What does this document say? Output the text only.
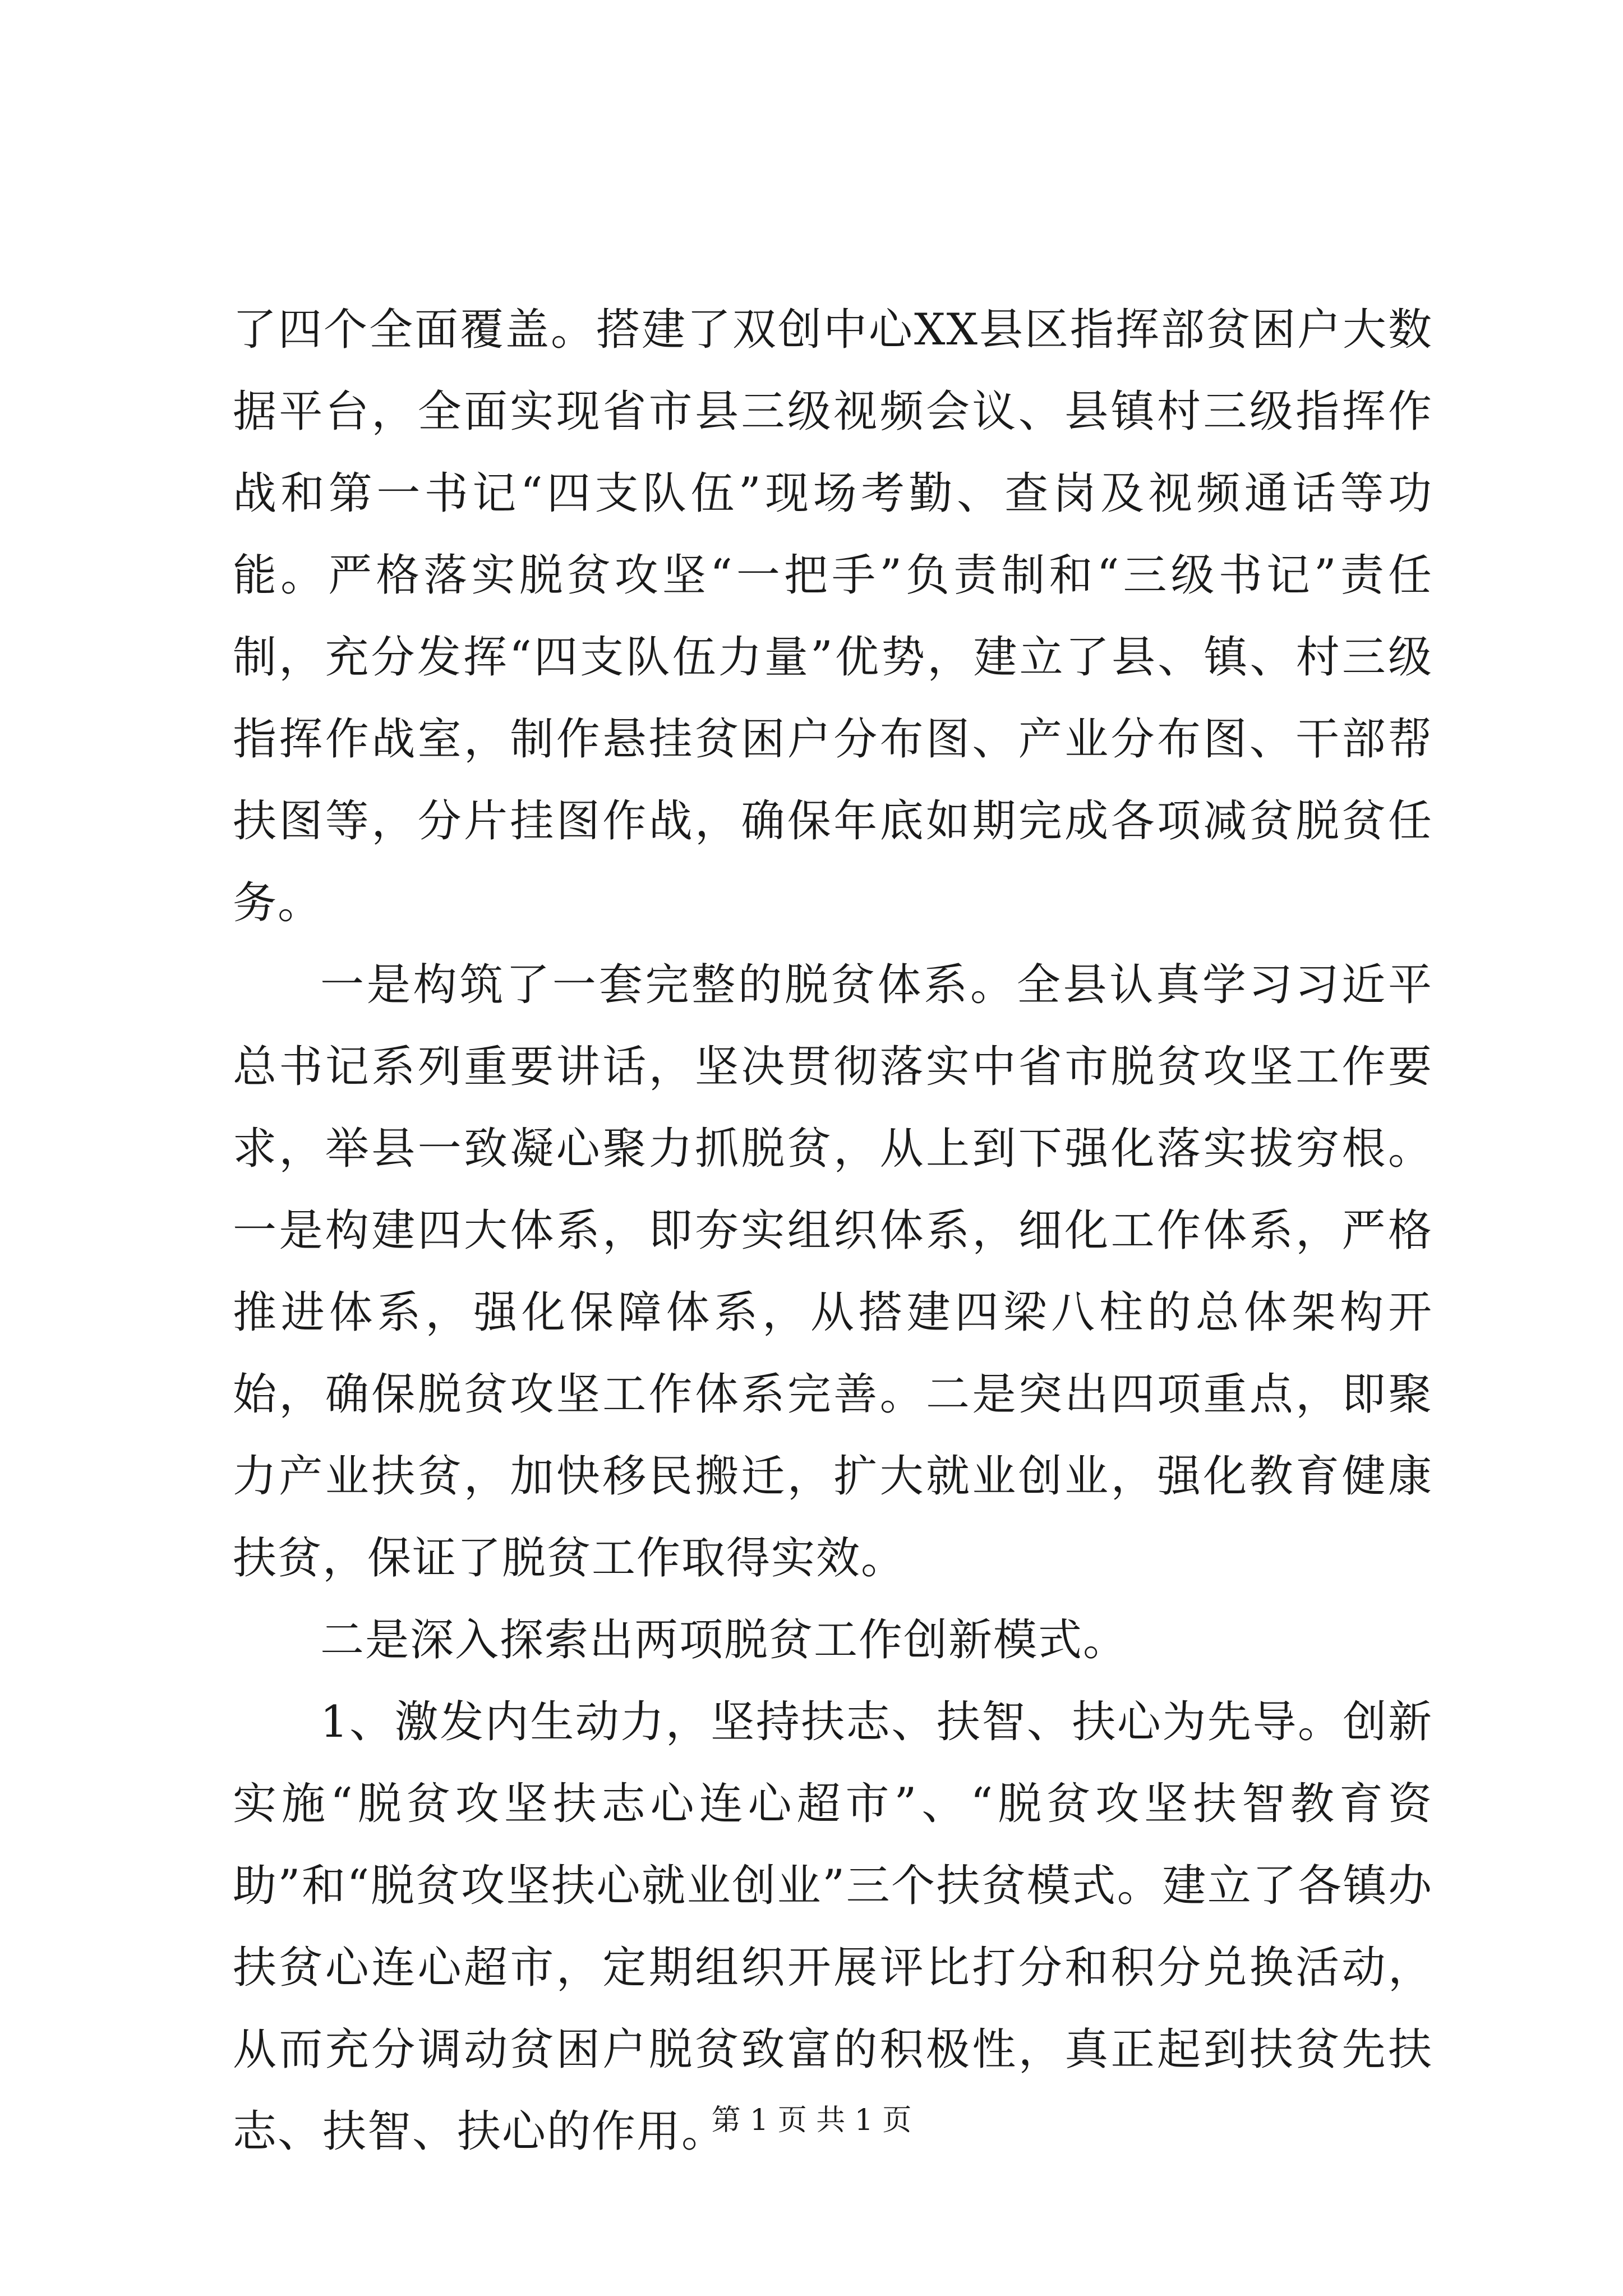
了四个全面覆盖。搭建了双创中心XX县区指挥部贫困户大数据平台，全面实现省市县三级视频会议、县镇村三级指挥作战和第一书记“四支队伍”现场考勤、查岗及视频通话等功能。严格落实脱贫攻坚“一把手”负责制和“三级书记”责任制，充分发挥“四支队伍力量”优势，建立了县、镇、村三级指挥作战室，制作悬挂贫困户分布图、产业分布图、干部帮扶图等，分片挂图作战，确保年底如期完成各项减贫脱贫任务。

一是构筑了一套完整的脱贫体系。全县认真学习习近平总书记系列重要讲话，坚决贯彻落实中省市脱贫攻坚工作要求，举县一致凝心聚力抓脱贫，从上到下强化落实拔穷根。一是构建四大体系，即夯实组织体系，细化工作体系，严格推进体系，强化保障体系，从搭建四梁八柱的总体架构开始，确保脱贫攻坚工作体系完善。二是突出四项重点，即聚力产业扶贫，加快移民搬迁，扩大就业创业，强化教育健康扶贫，保证了脱贫工作取得实效。

二是深入探索出两项脱贫工作创新模式。

1、激发内生动力，坚持扶志、扶智、扶心为先导。创新实施“脱贫攻坚扶志心连心超市”、“脱贫攻坚扶智教育资助”和“脱贫攻坚扶心就业创业”三个扶贫模式。建立了各镇办扶贫心连心超市，定期组织开展评比打分和积分兑换活动，从而充分调动贫困户脱贫致富的积极性，真正起到扶贫先扶志、扶智、扶心的作用。

第 1 页 共 1 页
